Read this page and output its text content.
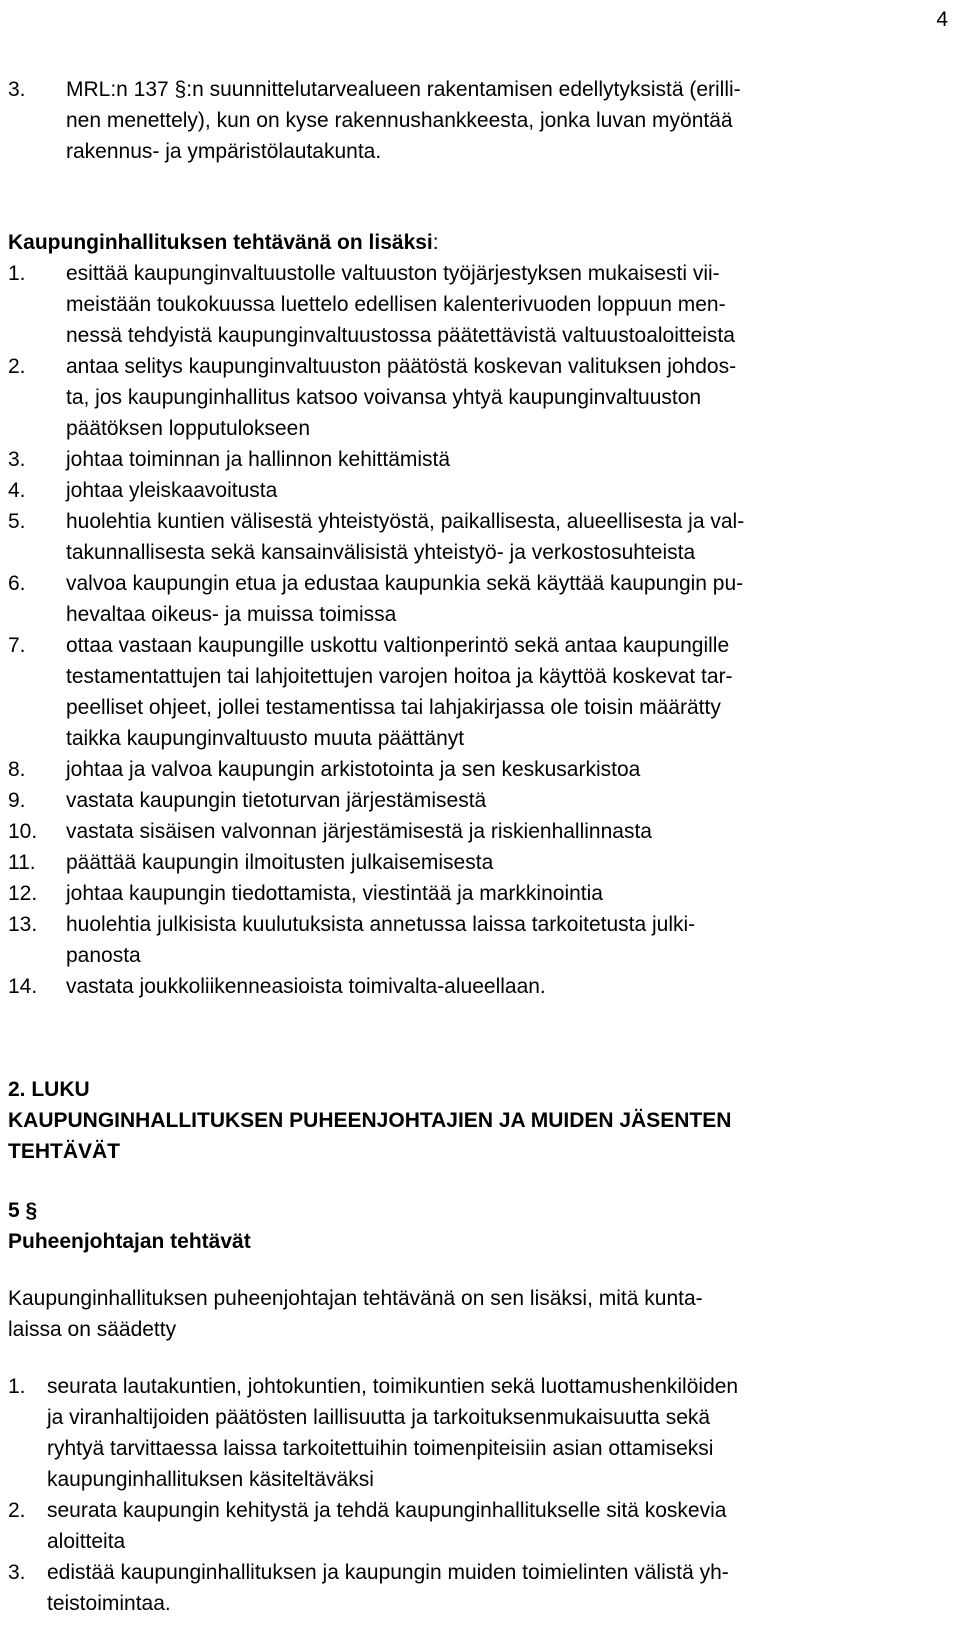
4
3.	MRL:n 137 §:n suunnittelutarvealueen rakentamisen edellytyksistä (erilli-
nen menettely), kun on kyse rakennushankkeesta, jonka luvan myöntää
rakennus- ja ympäristölautakunta.
Kaupunginhallituksen tehtävänä on lisäksi:
1.	esittää kaupunginvaltuustolle valtuuston työjärjestyksen mukaisesti vii-
meistään toukokuussa luettelo edellisen kalenterivuoden loppuun men-
nessä tehdyistä kaupunginvaltuustossa päätettävistä valtuustoaloitteista
2.	antaa selitys kaupunginvaltuuston päätöstä koskevan valituksen johdos-
ta, jos kaupunginhallitus katsoo voivansa yhtyä kaupunginvaltuuston
päätöksen lopputulokseen
3.	johtaa toiminnan ja hallinnon kehittämistä
4.	johtaa yleiskaavoitusta
5.	huolehtia kuntien välisestä yhteistyöstä, paikallisesta, alueellisesta ja val-
takunnallisesta sekä kansainvälisistä yhteistyö- ja verkostosuhteista
6.	valvoa kaupungin etua ja edustaa kaupunkia sekä käyttää kaupungin pu-
hevaltaa oikeus- ja muissa toimissa
7.	ottaa vastaan kaupungille uskottu valtionperintö sekä antaa kaupungille
testamentattujen tai lahjoitettujen varojen hoitoa ja käyttöä koskevat tar-
peelliset ohjeet, jollei testamentissa tai lahjakirjassa ole toisin määrätty
taikka kaupunginvaltuusto muuta päättänyt
8.	johtaa ja valvoa kaupungin arkistotointa ja sen keskusarkistoa
9.	vastata kaupungin tietoturvan järjestämisestä
10.	vastata sisäisen valvonnan järjestämisestä ja riskienhallinnasta
11.	päättää kaupungin ilmoitusten julkaisemisesta
12.	johtaa kaupungin tiedottamista, viestintää ja markkinointia
13.	huolehtia julkisista kuulutuksista annetussa laissa tarkoitetusta julki-
panosta
14.	vastata joukkoliikenneasioista toimivalta-alueellaan.
2. LUKU
KAUPUNGINHALLITUKSEN PUHEENJOHTAJIEN JA MUIDEN JÄSENTEN
TEHTÄVÄT
5 §
Puheenjohtajan tehtävät
Kaupunginhallituksen puheenjohtajan tehtävänä on sen lisäksi, mitä kunta-
laissa on säädetty
1.	seurata lautakuntien, johtokuntien, toimikuntien sekä luottamushenkilöiden
ja viranhaltijoiden päätösten laillisuutta ja tarkoituksenmukaisuutta sekä
ryhtyä tarvittaessa laissa tarkoitettuihin toimenpiteisiin asian ottamiseksi
kaupunginhallituksen käsiteltäväksi
2.	seurata kaupungin kehitystä ja tehdä kaupunginhallitukselle sitä koskevia
aloitteita
3.	edistää kaupunginhallituksen ja kaupungin muiden toimielinten välistä yh-
teistoimintaa.
